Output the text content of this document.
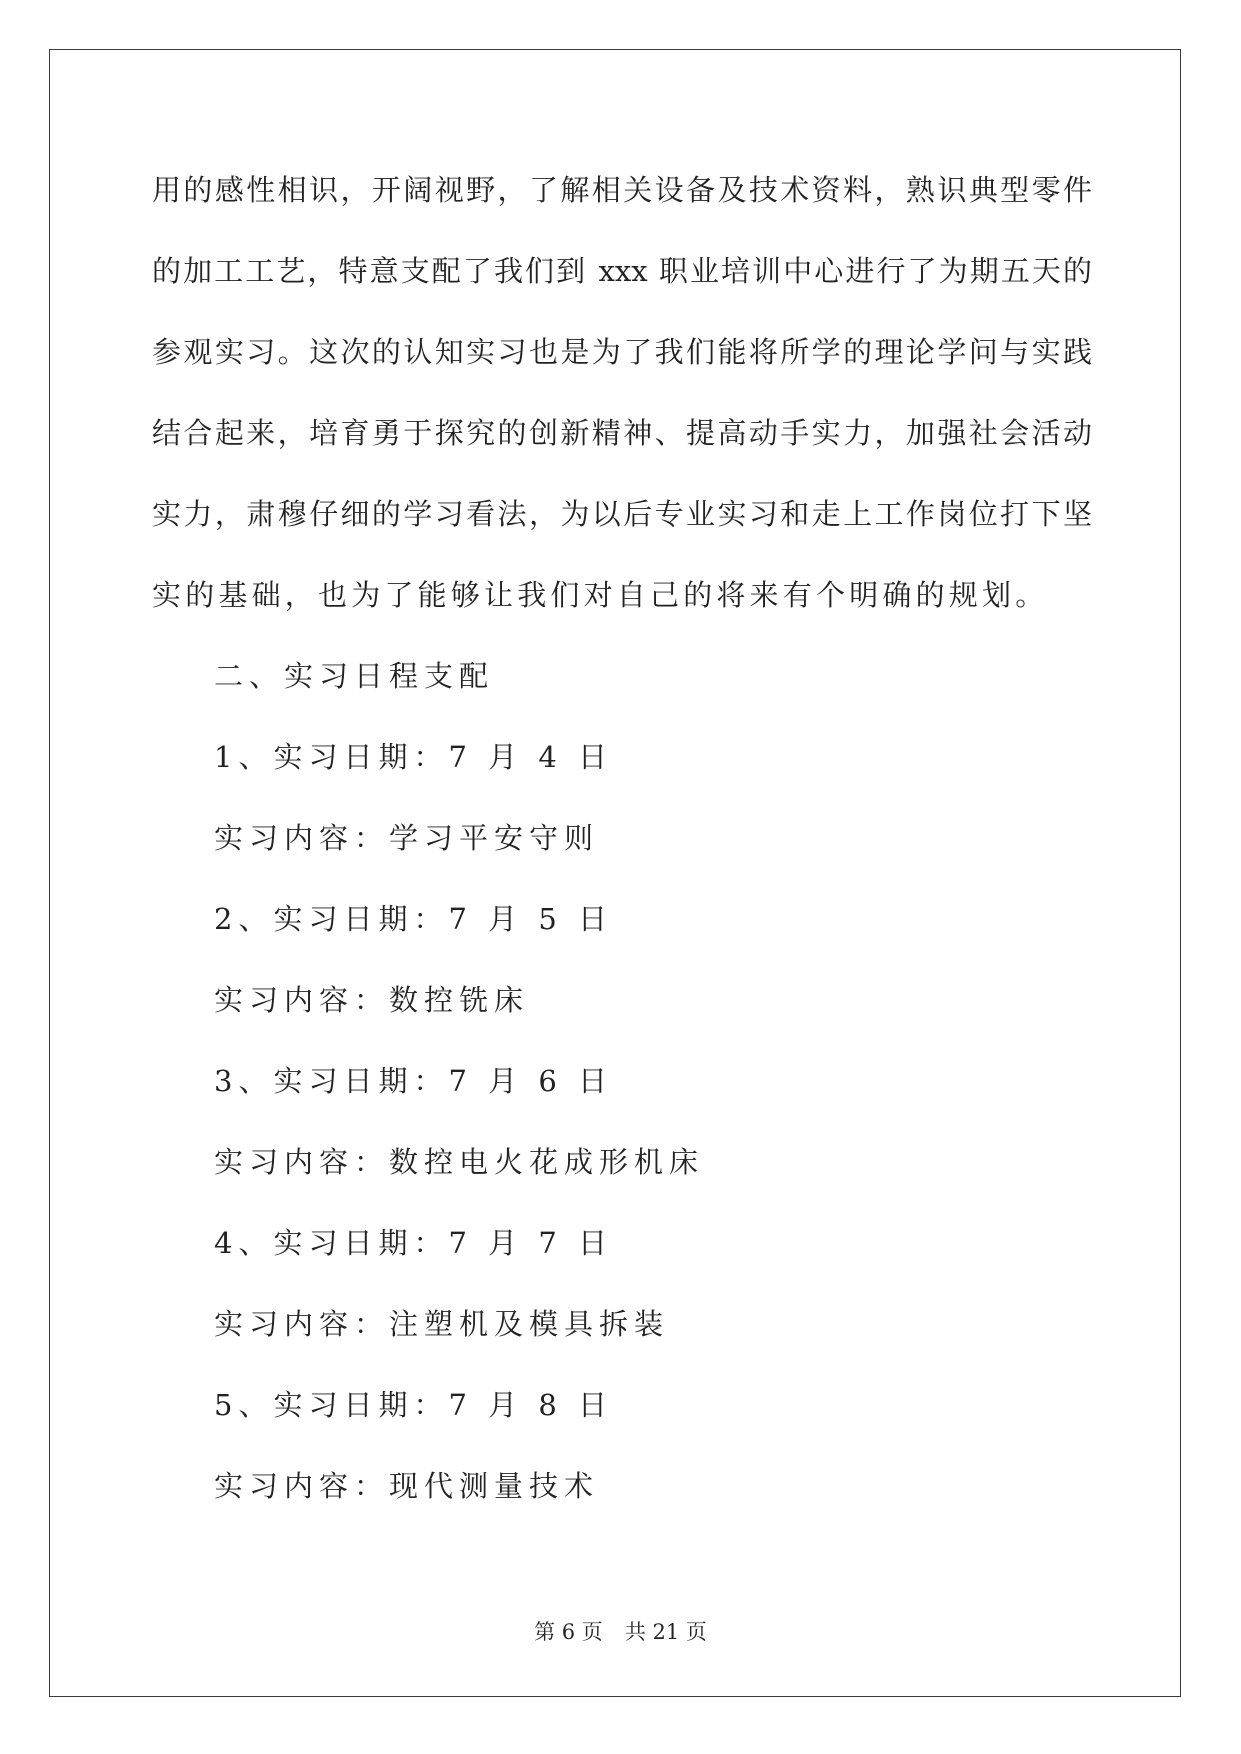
用的感性相识，开阔视野，了解相关设备及技术资料，熟识典型零件
的加工工艺，特意支配了我们到 xxx 职业培训中心进行了为期五天的
参观实习。这次的认知实习也是为了我们能将所学的理论学问与实践
结合起来，培育勇于探究的创新精神、提高动手实力，加强社会活动
实力，肃穆仔细的学习看法，为以后专业实习和走上工作岗位打下坚
实的基础，也为了能够让我们对自己的将来有个明确的规划。
二、实习日程支配
1、实习日期：7 月 4 日
实习内容：学习平安守则
2、实习日期：7 月 5 日
实习内容：数控铣床
3、实习日期：7 月 6 日
实习内容：数控电火花成形机床
4、实习日期：7 月 7 日
实习内容：注塑机及模具拆装
5、实习日期：7 月 8 日
实习内容：现代测量技术
第 6 页 共 21 页
